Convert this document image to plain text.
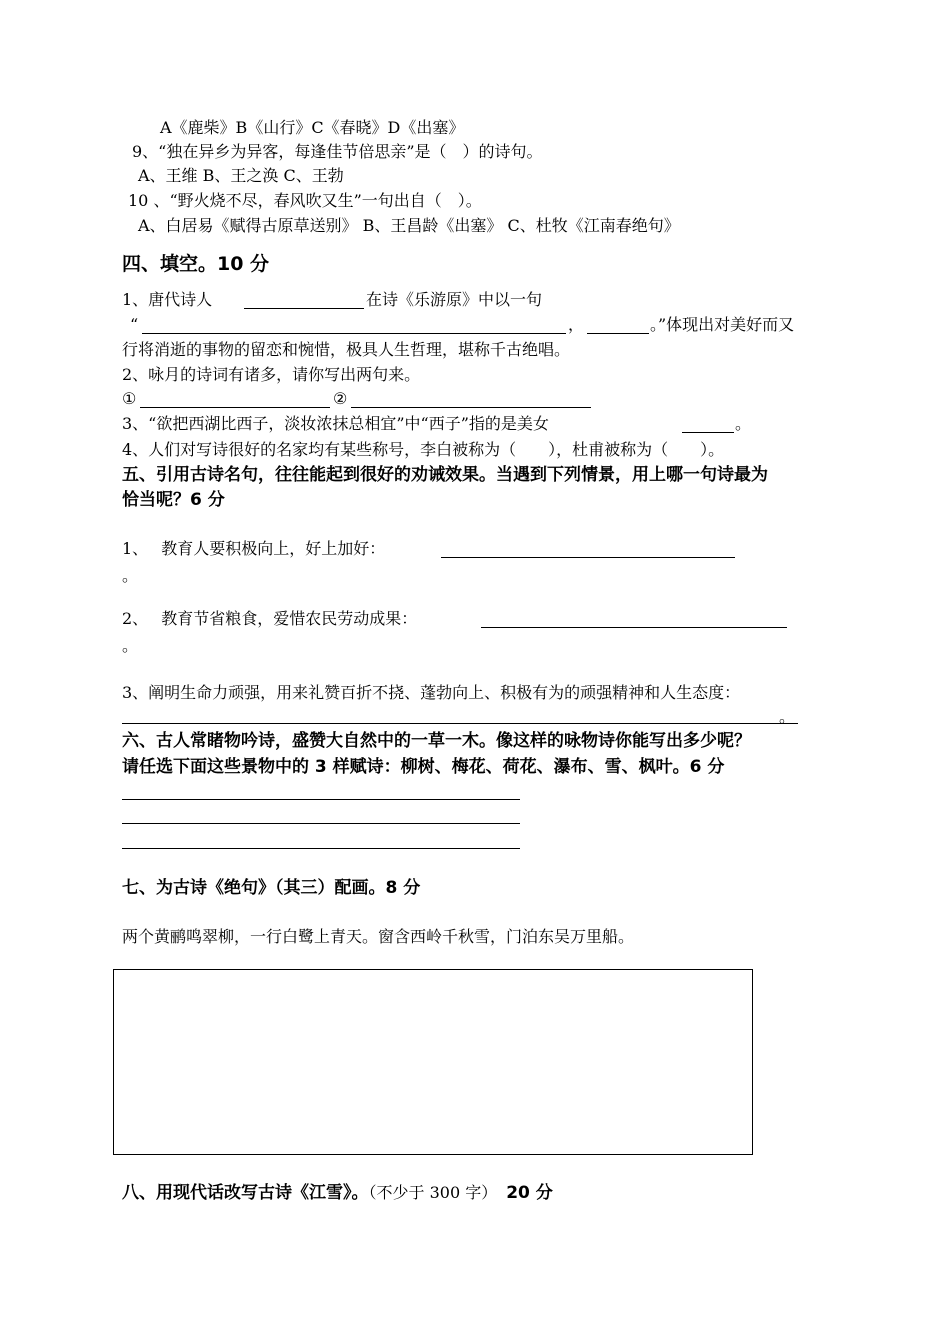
A《鹿柴》B《山行》C《春晓》D《出塞》
9、“独在异乡为异客，每逢佳节倍思亲”是（　）的诗句。
A、王维 B、王之涣 C、王勃
10 、“野火烧不尽，春风吹又生”一句出自（　）。
A、白居易《赋得古原草送别》 B、王昌龄《出塞》 C、杜牧《江南春绝句》
四、填空。10 分
1、唐代诗人	在诗《乐游原》中以一句
“	，	。”体现出对美好而又
行将消逝的事物的留恋和惋惜，极具人生哲理，堪称千古绝唱。
2、咏月的诗词有诸多，请你写出两句来。
①	②
3、“欲把西湖比西子，淡妆浓抹总相宜”中“西子”指的是美女	。
4、人们对写诗很好的名家均有某些称号，李白被称为（　　），杜甫被称为（　　）。
五、引用古诗名句，往往能起到很好的劝诫效果。当遇到下列情景，用上哪一句诗最为
恰当呢？6 分
1、　 教育人要积极向上，好上加好：
。
2、　 教育节省粮食，爱惜农民劳动成果：
。
3、阐明生命力顽强，用来礼赞百折不挠、蓬勃向上、积极有为的顽强精神和人生态度：
。
六、古人常睹物吟诗，盛赞大自然中的一草一木。像这样的咏物诗你能写出多少呢？
请任选下面这些景物中的 3 样赋诗：柳树、梅花、荷花、瀑布、雪、枫叶。6 分
七、为古诗《绝句》（其三）配画。8 分
两个黄鹂鸣翠柳，一行白鹭上青天。窗含西岭千秋雪，门泊东吴万里船。
八、用现代话改写古诗《江雪》。（不少于 300 字）　20 分
